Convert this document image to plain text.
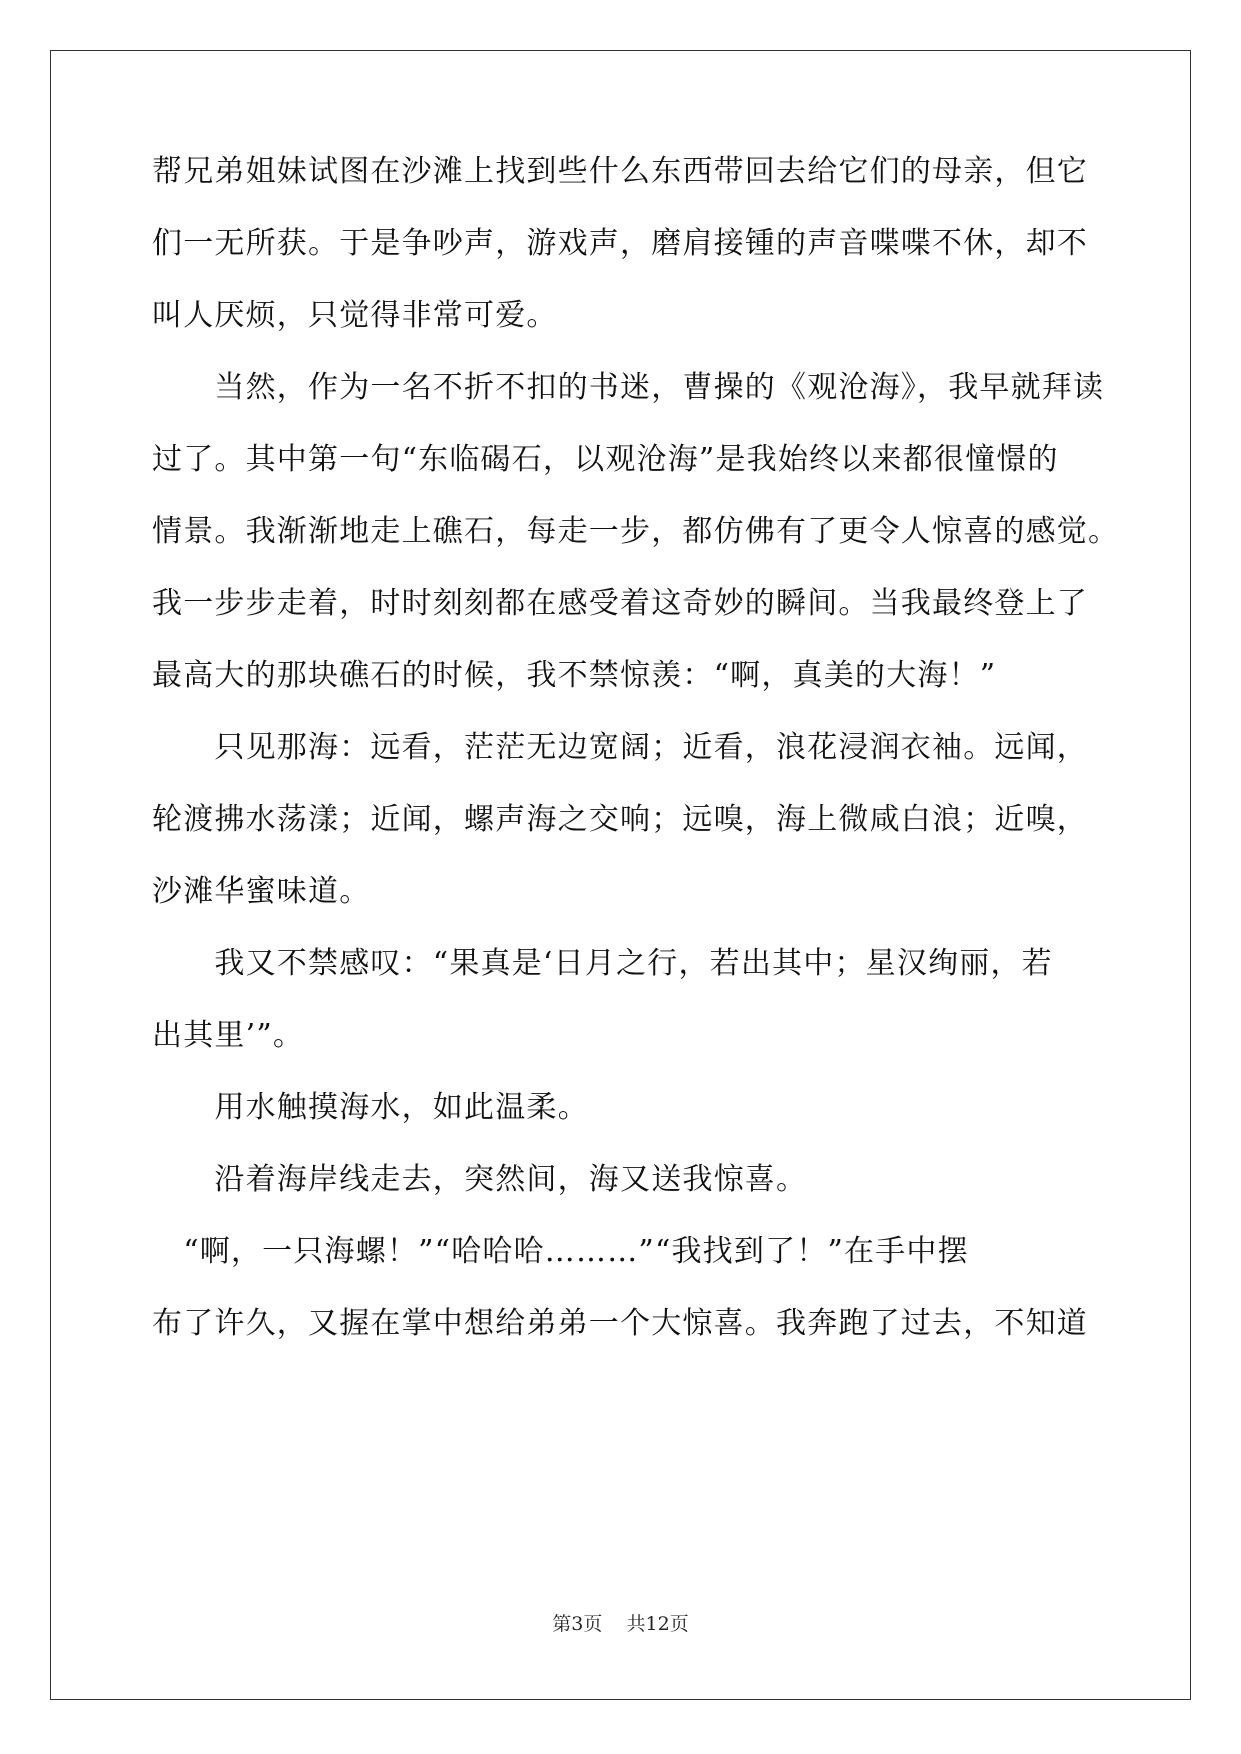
帮兄弟姐妹试图在沙滩上找到些什么东西带回去给它们的母亲，但它
们一无所获。于是争吵声，游戏声，磨肩接锺的声音喋喋不休，却不
叫人厌烦，只觉得非常可爱。
　　当然，作为一名不折不扣的书迷，曹操的《观沧海》，我早就拜读
过了。其中第一句“东临碣石，以观沧海”是我始终以来都很憧憬的
情景。我渐渐地走上礁石，每走一步，都仿佛有了更令人惊喜的感觉。
我一步步走着，时时刻刻都在感受着这奇妙的瞬间。当我最终登上了
最高大的那块礁石的时候，我不禁惊羡：“啊，真美的大海！”
　　只见那海：远看，茫茫无边宽阔；近看，浪花浸润衣袖。远闻，
轮渡拂水荡漾；近闻，螺声海之交响；远嗅，海上微咸白浪；近嗅，
沙滩华蜜味道。
　　我又不禁感叹：“果真是‘日月之行，若出其中；星汉绚丽，若
出其里’”。
　　用水触摸海水，如此温柔。
　　沿着海岸线走去，突然间，海又送我惊喜。
　“啊，一只海螺！”“哈哈哈………”“我找到了！”在手中摆
布了许久，又握在掌中想给弟弟一个大惊喜。我奔跑了过去，不知道
第3页 共12页
